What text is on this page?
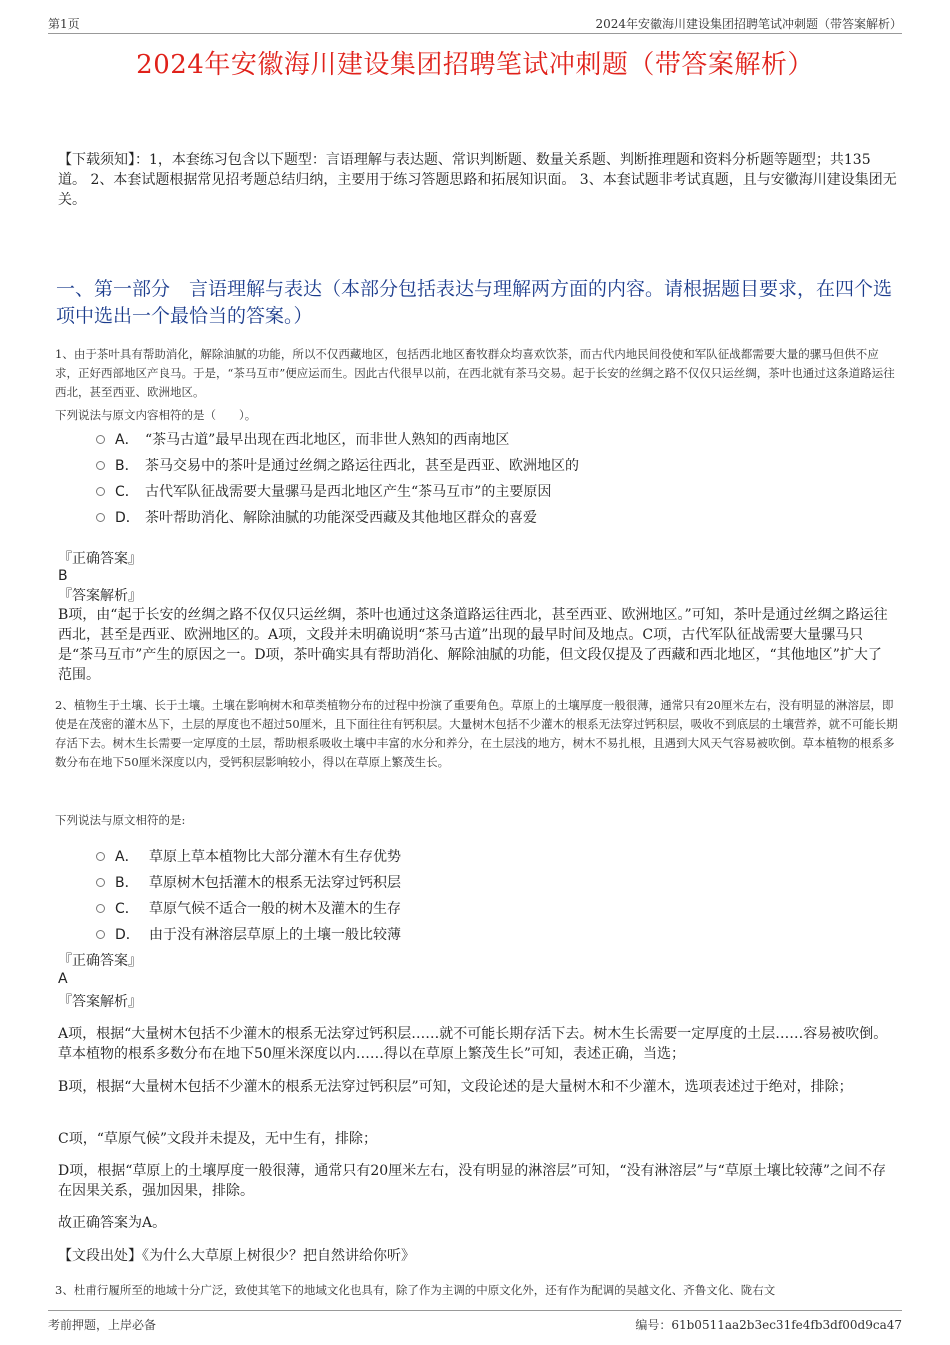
第1页	2024年安徽海川建设集团招聘笔试冲刺题（带答案解析）
2024年安徽海川建设集团招聘笔试冲刺题（带答案解析）
【下载须知】：1，本套练习包含以下题型：言语理解与表达题、常识判断题、数量关系题、判断推理题和资料分析题等题型；共135道。 2、本套试题根据常见招考题总结归纳，主要用于练习答题思路和拓展知识面。 3、本套试题非考试真题，且与安徽海川建设集团无关。
一、第一部分　言语理解与表达（本部分包括表达与理解两方面的内容。请根据题目要求，在四个选项中选出一个最恰当的答案。）
1、由于茶叶具有帮助消化，解除油腻的功能，所以不仅西藏地区，包括西北地区畜牧群众均喜欢饮茶，而古代内地民间役使和军队征战都需要大量的骡马但供不应求，正好西部地区产良马。于是，“茶马互市”便应运而生。因此古代很早以前，在西北就有茶马交易。起于长安的丝绸之路不仅仅只运丝绸，茶叶也通过这条道路运往西北，甚至西亚、欧洲地区。
下列说法与原文内容相符的是（　　）。
A． “茶马古道”最早出现在西北地区，而非世人熟知的西南地区
B． 茶马交易中的茶叶是通过丝绸之路运往西北，甚至是西亚、欧洲地区的
C． 古代军队征战需要大量骡马是西北地区产生“茶马互市”的主要原因
D． 茶叶帮助消化、解除油腻的功能深受西藏及其他地区群众的喜爱
『正确答案』
B
『答案解析』
B项，由“起于长安的丝绸之路不仅仅只运丝绸，茶叶也通过这条道路运往西北，甚至西亚、欧洲地区。”可知，茶叶是通过丝绸之路运往西北，甚至是西亚、欧洲地区的。A项，文段并未明确说明“茶马古道”出现的最早时间及地点。C项，古代军队征战需要大量骡马只是“茶马互市”产生的原因之一。D项，茶叶确实具有帮助消化、解除油腻的功能，但文段仅提及了西藏和西北地区，“其他地区”扩大了范围。
2、植物生于土壤、长于土壤。土壤在影响树木和草类植物分布的过程中扮演了重要角色。草原上的土壤厚度一般很薄，通常只有20厘米左右，没有明显的淋溶层，即使是在茂密的灌木丛下，土层的厚度也不超过50厘米，且下面往往有钙积层。大量树木包括不少灌木的根系无法穿过钙积层，吸收不到底层的土壤营养，就不可能长期存活下去。树木生长需要一定厚度的土层，帮助根系吸收土壤中丰富的水分和养分，在土层浅的地方，树木不易扎根，且遇到大风天气容易被吹倒。草本植物的根系多数分布在地下50厘米深度以内，受钙积层影响较小，得以在草原上繁茂生长。
下列说法与原文相符的是:
A． 草原上草本植物比大部分灌木有生存优势
B． 草原树木包括灌木的根系无法穿过钙积层
C． 草原气候不适合一般的树木及灌木的生存
D． 由于没有淋溶层草原上的土壤一般比较薄
『正确答案』
A
『答案解析』
A项，根据“大量树木包括不少灌木的根系无法穿过钙积层……就不可能长期存活下去。树木生长需要一定厚度的土层……容易被吹倒。草本植物的根系多数分布在地下50厘米深度以内……得以在草原上繁茂生长”可知，表述正确，当选；
B项，根据“大量树木包括不少灌木的根系无法穿过钙积层”可知，文段论述的是大量树木和不少灌木，选项表述过于绝对，排除；
C项，“草原气候”文段并未提及，无中生有，排除；
D项，根据“草原上的土壤厚度一般很薄，通常只有20厘米左右，没有明显的淋溶层”可知，“没有淋溶层”与“草原土壤比较薄”之间不存在因果关系，强加因果，排除。
故正确答案为A。
【文段出处】《为什么大草原上树很少？把自然讲给你听》
3、杜甫行履所至的地域十分广泛，致使其笔下的地域文化也具有，除了作为主调的中原文化外，还有作为配调的吴越文化、齐鲁文化、陇右文
考前押题，上岸必备	编号：61b0511aa2b3ec31fe4fb3df00d9ca47
